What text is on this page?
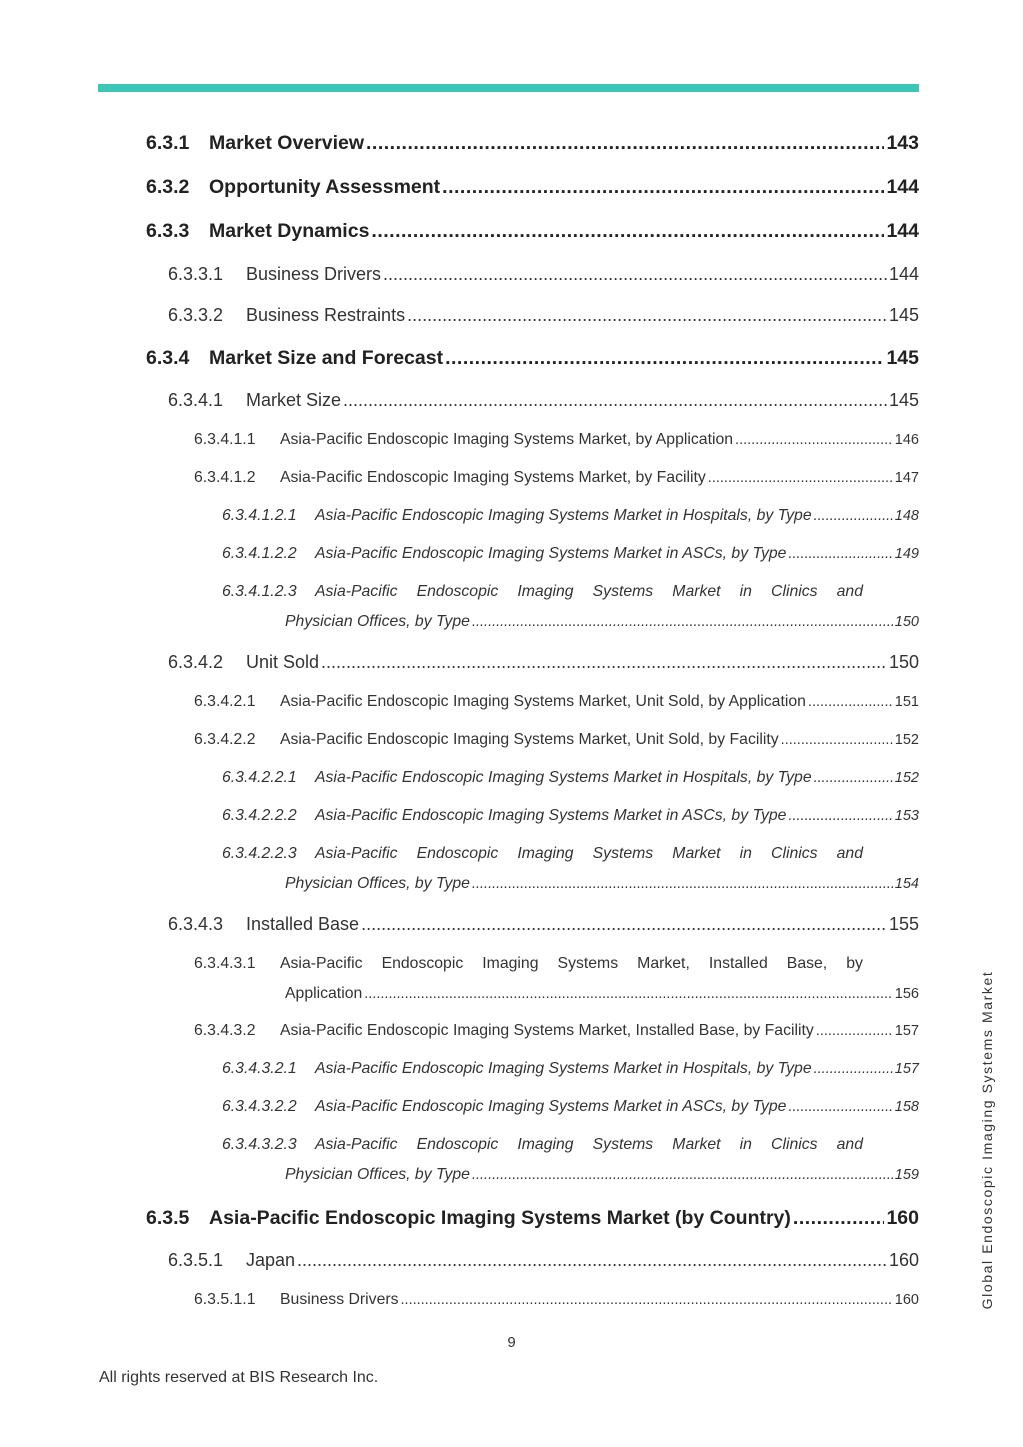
6.3.1	Market Overview .....	143
6.3.2	Opportunity Assessment .....	144
6.3.3	Market Dynamics .....	144
6.3.3.1	Business Drivers .....	144
6.3.3.2	Business Restraints .....	145
6.3.4	Market Size and Forecast .....	145
6.3.4.1	Market Size .....	145
6.3.4.1.1	Asia-Pacific Endoscopic Imaging Systems Market, by Application .....	146
6.3.4.1.2	Asia-Pacific Endoscopic Imaging Systems Market, by Facility .....	147
6.3.4.1.2.1	Asia-Pacific Endoscopic Imaging Systems Market in Hospitals, by Type .....	148
6.3.4.1.2.2	Asia-Pacific Endoscopic Imaging Systems Market in ASCs, by Type .....	149
6.3.4.1.2.3 Asia-Pacific Endoscopic Imaging Systems Market in Clinics and
Physician Offices, by Type .....	150
6.3.4.2	Unit Sold .....	150
6.3.4.2.1	Asia-Pacific Endoscopic Imaging Systems Market, Unit Sold, by Application .....	151
6.3.4.2.2	Asia-Pacific Endoscopic Imaging Systems Market, Unit Sold, by Facility .....	152
6.3.4.2.2.1	Asia-Pacific Endoscopic Imaging Systems Market in Hospitals, by Type .....	152
6.3.4.2.2.2	Asia-Pacific Endoscopic Imaging Systems Market in ASCs, by Type .....	153
6.3.4.2.2.3 Asia-Pacific Endoscopic Imaging Systems Market in Clinics and
Physician Offices, by Type .....	154
6.3.4.3	Installed Base .....	155
6.3.4.3.1 Asia-Pacific Endoscopic Imaging Systems Market, Installed Base, by
Application .....	156
6.3.4.3.2	Asia-Pacific Endoscopic Imaging Systems Market, Installed Base, by Facility .....	157
6.3.4.3.2.1	Asia-Pacific Endoscopic Imaging Systems Market in Hospitals, by Type .....	157
6.3.4.3.2.2	Asia-Pacific Endoscopic Imaging Systems Market in ASCs, by Type .....	158
6.3.4.3.2.3 Asia-Pacific Endoscopic Imaging Systems Market in Clinics and
Physician Offices, by Type .....	159
6.3.5	Asia-Pacific Endoscopic Imaging Systems Market (by Country) .....	160
6.3.5.1	Japan .....	160
6.3.5.1.1	Business Drivers .....	160
9
All rights reserved at BIS Research Inc.
Global Endoscopic Imaging Systems Market
